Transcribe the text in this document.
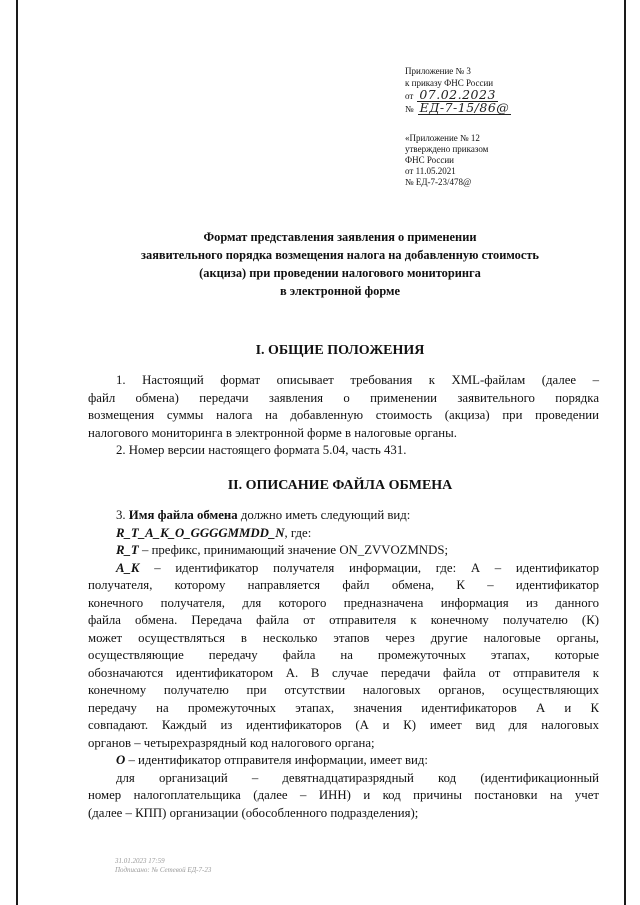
Приложение № 3
к приказу ФНС России
от 07.02.2023
№ ЕД-7-15/86@
«Приложение № 12
утверждено приказом
ФНС России
от 11.05.2021
№ ЕД-7-23/478@
Формат представления заявления о применении
заявительного порядка возмещения налога на добавленную стоимость
(акциза) при проведении налогового мониторинга
в электронной форме
I. ОБЩИЕ ПОЛОЖЕНИЯ
1. Настоящий формат описывает требования к XML-файлам (далее –
файл обмена) передачи заявления о применении заявительного порядка
возмещения суммы налога на добавленную стоимость (акциза) при проведении
налогового мониторинга в электронной форме в налоговые органы.
2. Номер версии настоящего формата 5.04, часть 431.
II. ОПИСАНИЕ ФАЙЛА ОБМЕНА
3. Имя файла обмена должно иметь следующий вид:
R_T_A_K_O_GGGGMMDD_N, где:
R_T – префикс, принимающий значение ON_ZVVOZMNDS;
A_K – идентификатор получателя информации, где: А – идентификатор
получателя, которому направляется файл обмена, К – идентификатор
конечного получателя, для которого предназначена информация из данного
файла обмена. Передача файла от отправителя к конечному получателю (К)
может осуществляться в несколько этапов через другие налоговые органы,
осуществляющие передачу файла на промежуточных этапах, которые
обозначаются идентификатором А. В случае передачи файла от отправителя к
конечному получателю при отсутствии налоговых органов, осуществляющих
передачу на промежуточных этапах, значения идентификаторов А и К
совпадают. Каждый из идентификаторов (А и К) имеет вид для налоговых
органов – четырехразрядный код налогового органа;
O – идентификатор отправителя информации, имеет вид:
для организаций – девятнадцатиразрядный код (идентификационный
номер налогоплательщика (далее – ИНН) и код причины постановки на учет
(далее – КПП) организации (обособленного подразделения);
31.01.2023 17:59
Подписано: № Сетевой ЕД-7-23
